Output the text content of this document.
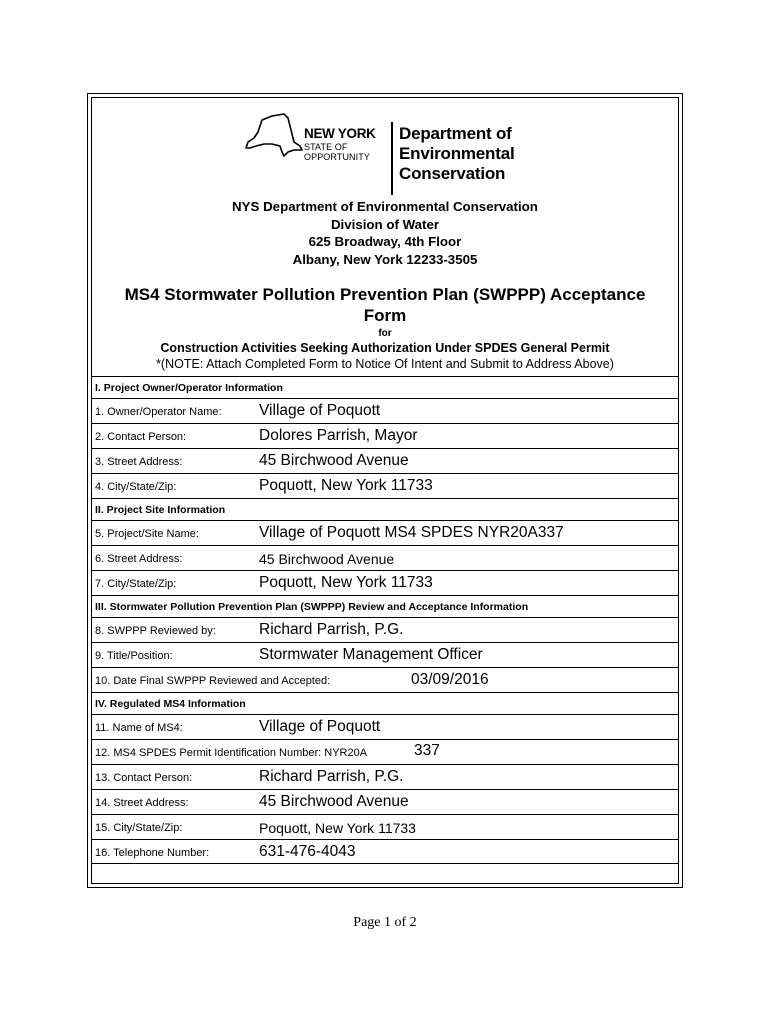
NEW YORK
STATE OF
OPPORTUNITY
Department of
Environmental
Conservation
NYS Department of Environmental Conservation
Division of Water
625 Broadway, 4th Floor
Albany, New York 12233-3505
MS4 Stormwater Pollution Prevention Plan (SWPPP) Acceptance
Form
for
Construction Activities Seeking Authorization Under SPDES General Permit
*(NOTE: Attach Completed Form to Notice Of Intent and Submit to Address Above)
I. Project Owner/Operator Information
1. Owner/Operator Name: Village of Poquott
2. Contact Person:	Dolores Parrish, Mayor
3. Street Address:	45 Birchwood Avenue
4. City/State/Zip:	Poquott, New York 11733
II. Project Site Information
5. Project/Site Name:	Village of Poquott MS4 SPDES NYR20A337
6. Street Address:	45 Birchwood Avenue
7. City/State/Zip:	Poquott, New York 11733
III. Stormwater Pollution Prevention Plan (SWPPP) Review and Acceptance Information
8. SWPPP Reviewed by:	Richard Parrish, P.G.
9. Title/Position:	Stormwater Management Officer
10. Date Final SWPPP Reviewed and Accepted:	03/09/2016
IV. Regulated MS4 Information
11. Name of MS4:	Village of Poquott
12. MS4 SPDES Permit Identification Number: NYR20A	337
13. Contact Person:	Richard Parrish, P.G.
14. Street Address:	45 Birchwood Avenue
15. City/State/Zip:	Poquott, New York 11733
16. Telephone Number:	631-476-4043
Page 1 of 2
